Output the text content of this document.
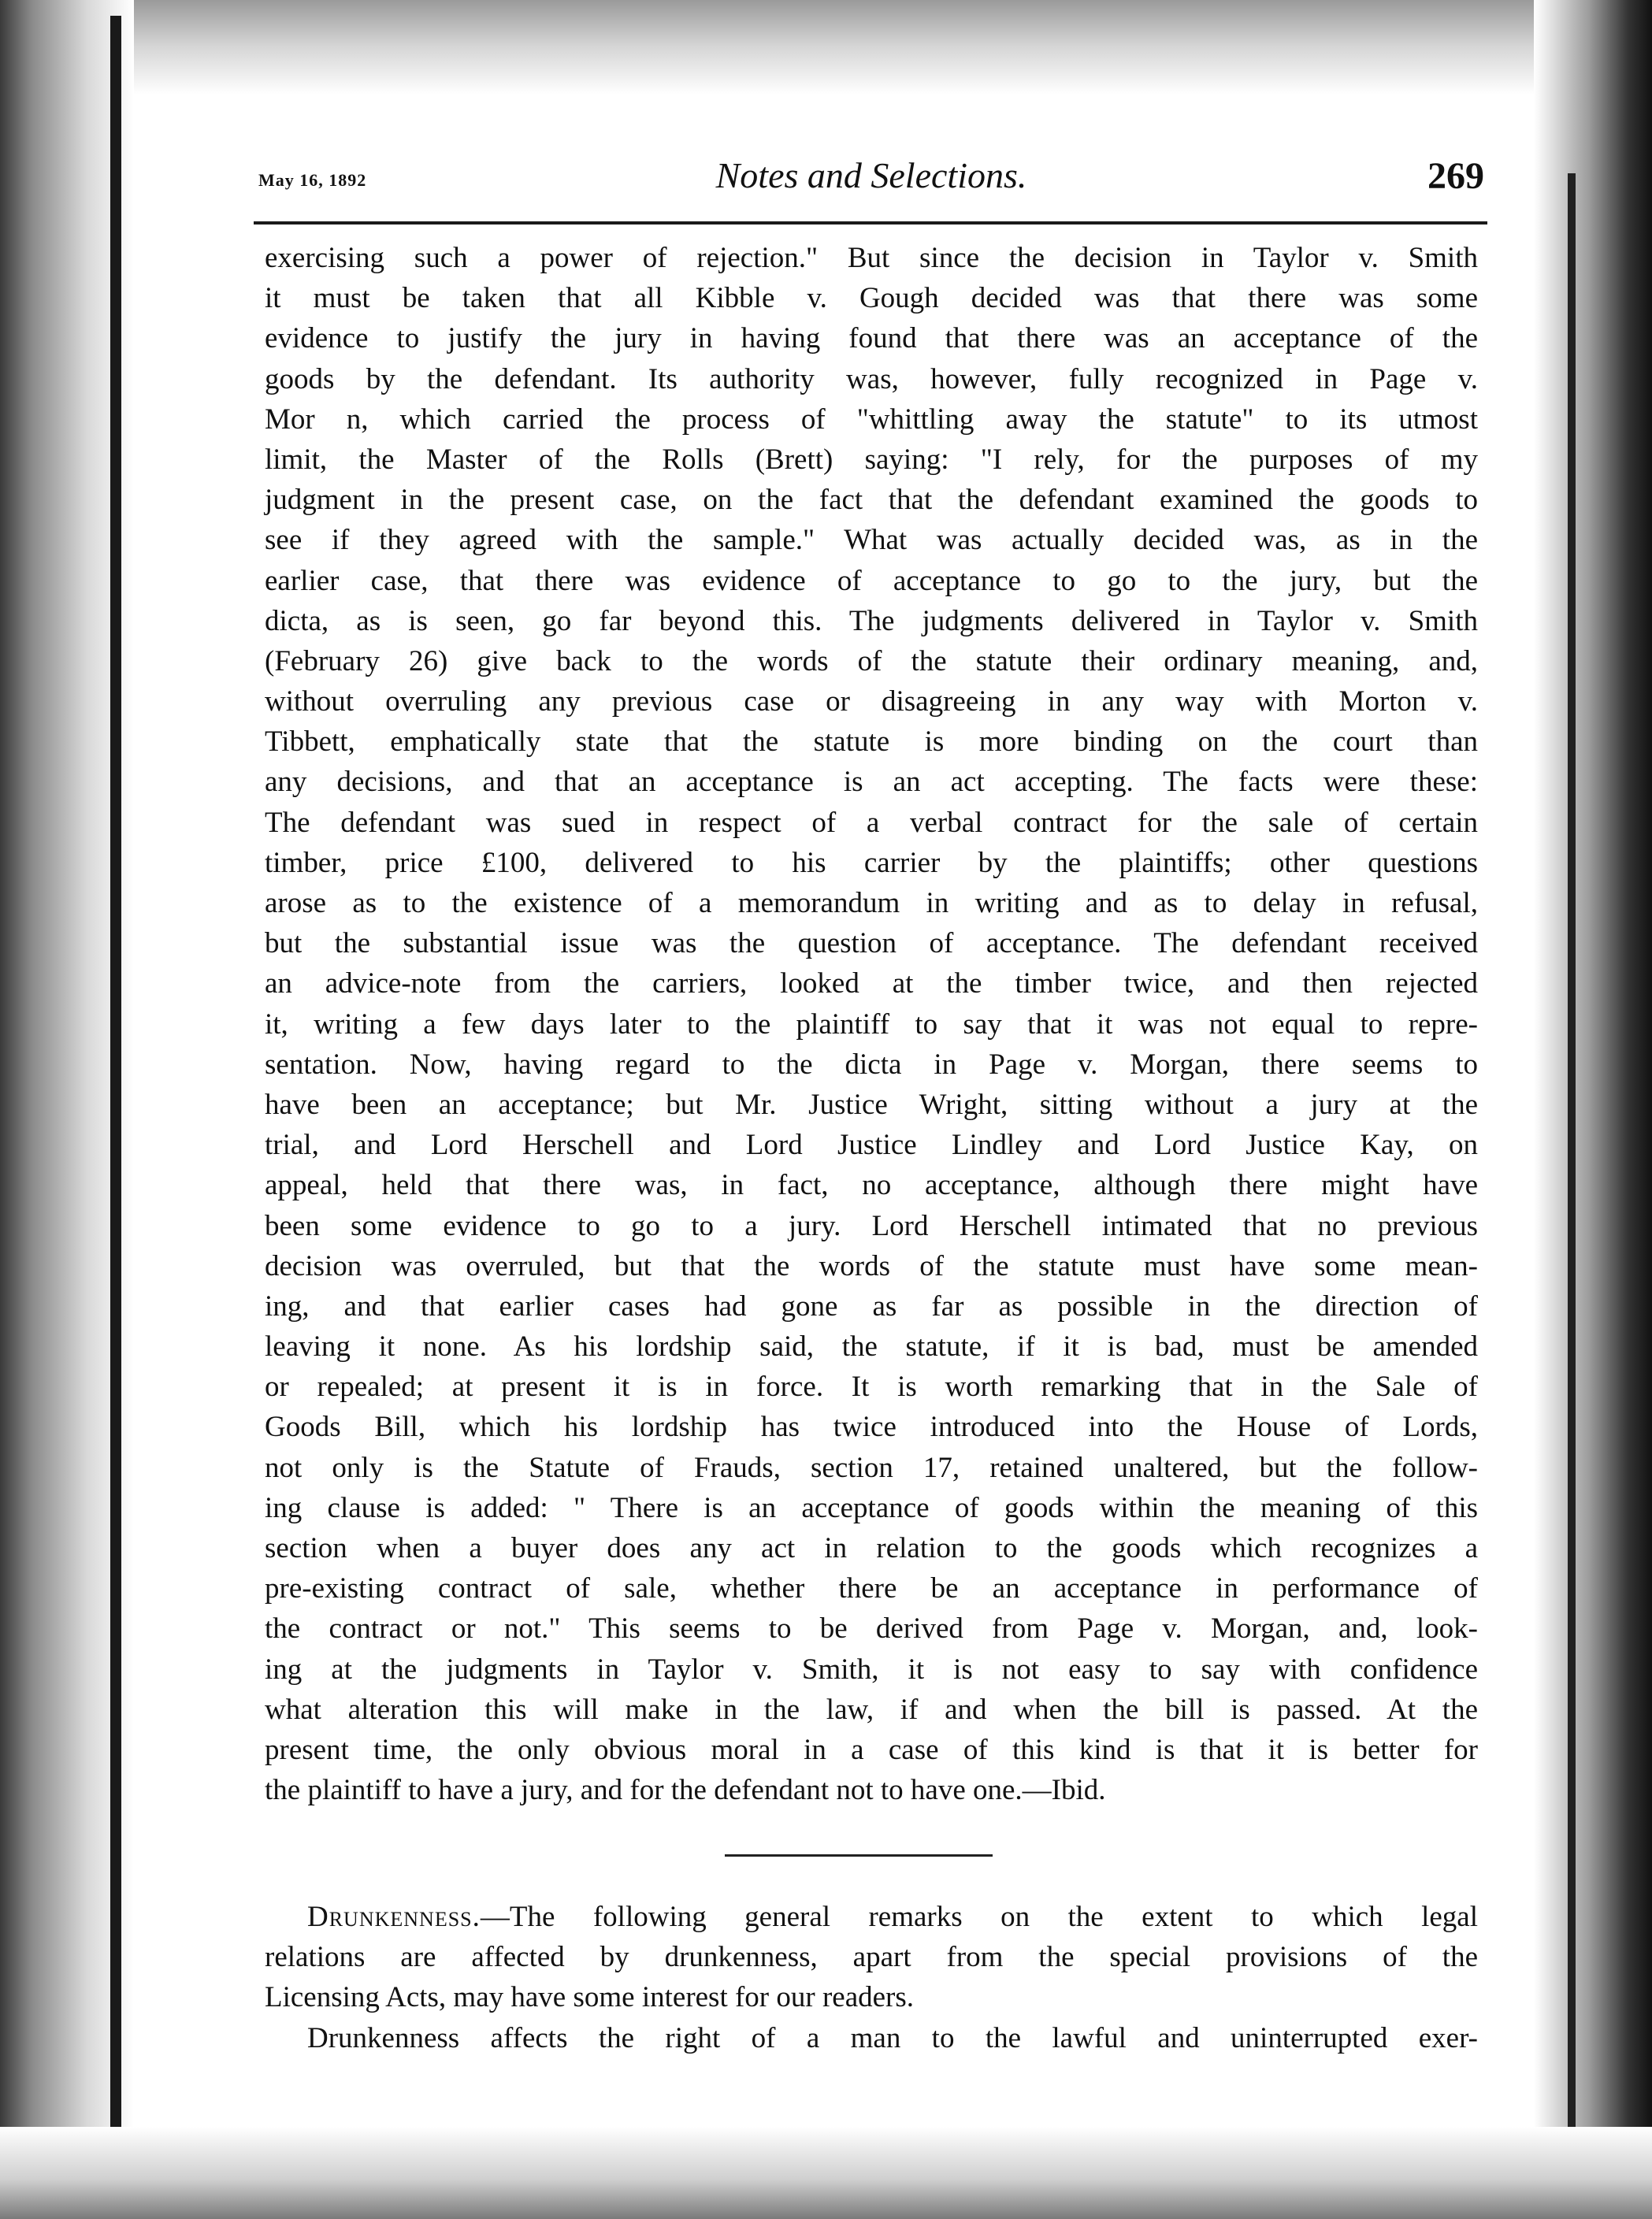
May 16, 1892	Notes and Selections.	269
exercising such a power of rejection." But since the decision in Taylor v. Smith
it must be taken that all Kibble v. Gough decided was that there was some
evidence to justify the jury in having found that there was an acceptance of the
goods by the defendant. Its authority was, however, fully recognized in Page v.
Mor n, which carried the process of "whittling away the statute" to its utmost
limit, the Master of the Rolls (Brett) saying: "I rely, for the purposes of my
judgment in the present case, on the fact that the defendant examined the goods to
see if they agreed with the sample." What was actually decided was, as in the
earlier case, that there was evidence of acceptance to go to the jury, but the
dicta, as is seen, go far beyond this. The judgments delivered in Taylor v. Smith
(February 26) give back to the words of the statute their ordinary meaning, and,
without overruling any previous case or disagreeing in any way with Morton v.
Tibbett, emphatically state that the statute is more binding on the court than
any decisions, and that an acceptance is an act accepting. The facts were these:
The defendant was sued in respect of a verbal contract for the sale of certain
timber, price £100, delivered to his carrier by the plaintiffs; other questions
arose as to the existence of a memorandum in writing and as to delay in refusal,
but the substantial issue was the question of acceptance. The defendant received
an advice-note from the carriers, looked at the timber twice, and then rejected
it, writing a few days later to the plaintiff to say that it was not equal to repre-
sentation. Now, having regard to the dicta in Page v. Morgan, there seems to
have been an acceptance; but Mr. Justice Wright, sitting without a jury at the
trial, and Lord Herschell and Lord Justice Lindley and Lord Justice Kay, on
appeal, held that there was, in fact, no acceptance, although there might have
been some evidence to go to a jury. Lord Herschell intimated that no previous
decision was overruled, but that the words of the statute must have some mean-
ing, and that earlier cases had gone as far as possible in the direction of
leaving it none. As his lordship said, the statute, if it is bad, must be amended
or repealed; at present it is in force. It is worth remarking that in the Sale of
Goods Bill, which his lordship has twice introduced into the House of Lords,
not only is the Statute of Frauds, section 17, retained unaltered, but the follow-
ing clause is added: " There is an acceptance of goods within the meaning of this
section when a buyer does any act in relation to the goods which recognizes a
pre-existing contract of sale, whether there be an acceptance in performance of
the contract or not." This seems to be derived from Page v. Morgan, and, look-
ing at the judgments in Taylor v. Smith, it is not easy to say with confidence
what alteration this will make in the law, if and when the bill is passed. At the
present time, the only obvious moral in a case of this kind is that it is better for
the plaintiff to have a jury, and for the defendant not to have one.—Ibid.
Drunkenness.—The following general remarks on the extent to which legal
relations are affected by drunkenness, apart from the special provisions of the
Licensing Acts, may have some interest for our readers.
Drunkenness affects the right of a man to the lawful and uninterrupted exer-
